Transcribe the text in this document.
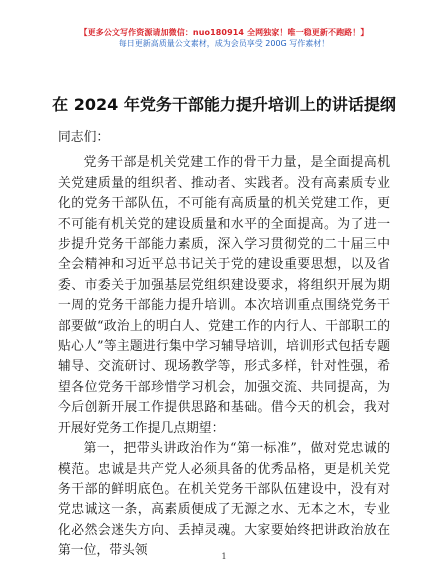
【更多公文写作资源请加微信：nuo180914 全网独家！唯一稳更新不跑路！】
每日更新高质量公文素材，成为会员享受 200G 写作素材！
在 2024 年党务干部能力提升培训上的讲话提纲

同志们：

党务干部是机关党建工作的骨干力量，是全面提高机关党建质量的组织者、推动者、实践者。没有高素质专业化的党务干部队伍，不可能有高质量的机关党建工作，更不可能有机关党的建设质量和水平的全面提高。为了进一步提升党务干部能力素质，深入学习贯彻党的二十届三中全会精神和习近平总书记关于党的建设重要思想，以及省委、市委关于加强基层党组织建设要求，将组织开展为期一周的党务干部能力提升培训。本次培训重点围绕党务干部要做“政治上的明白人、党建工作的内行人、干部职工的贴心人”等主题进行集中学习辅导培训，培训形式包括专题辅导、交流研讨、现场教学等，形式多样，针对性强，希望各位党务干部珍惜学习机会，加强交流、共同提高，为今后创新开展工作提供思路和基础。借今天的机会，我对开展好党务工作提几点期望：

第一，把带头讲政治作为“第一标准”，做对党忠诚的模范。忠诚是共产党人必须具备的优秀品格，更是机关党务干部的鲜明底色。在机关党务干部队伍建设中，没有对党忠诚这一条，高素质便成了无源之水、无本之木，专业化必然会迷失方向、丢掉灵魂。大家要始终把讲政治放在第一位，带头领	1
